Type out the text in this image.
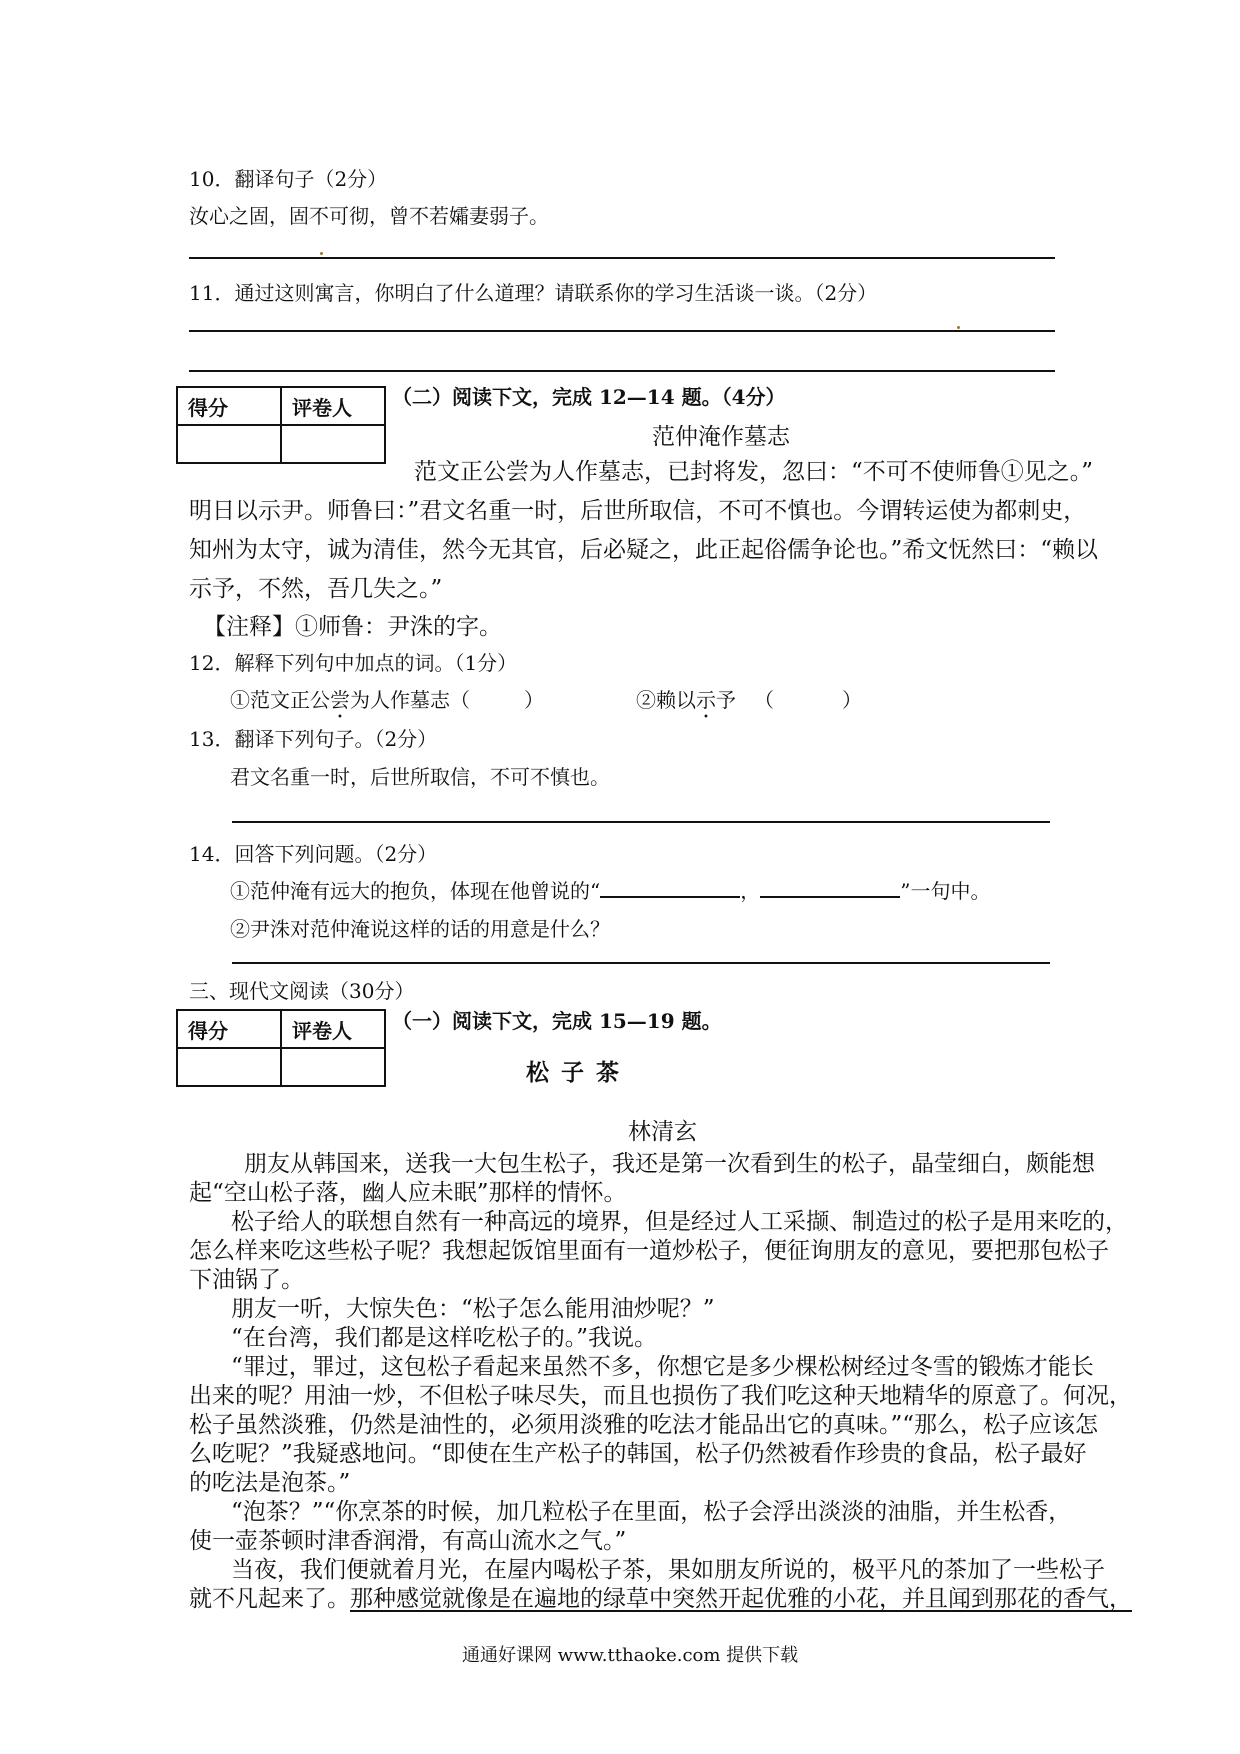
10．翻译句子（2分）
汝心之固，固不可彻，曾不若孀妻弱子。
11．通过这则寓言，你明白了什么道理？请联系你的学习生活谈一谈。（2分）
得分	评卷人
	（二）阅读下文，完成 12—14 题。（4分）
范仲淹作墓志
范文正公尝为人作墓志，已封将发，忽曰：“不可不使师鲁①见之。”
明日以示尹。师鲁曰：”君文名重一时，后世所取信，不可不慎也。今谓转运使为都刺史，
知州为太守，诚为清佳，然今无其官，后必疑之，此正起俗儒争论也。”希文怃然曰：“赖以
示予，不然，吾几失之。”
【注释】①师鲁：尹洙的字。
12．解释下列句中加点的词。（1分）
①范文正公尝为人作墓志（	）	②赖以示予 （	）
13．翻译下列句子。（2分）
君文名重一时，后世所取信，不可不慎也。
14．回答下列问题。（2分）
①范仲淹有远大的抱负，体现在他曾说的“	，	”一句中。
②尹洙对范仲淹说这样的话的用意是什么？
三、现代文阅读（30分）
得分	评卷人
	（一）阅读下文，完成 15—19 题。
松 子 茶
林清玄
朋友从韩国来，送我一大包生松子，我还是第一次看到生的松子，晶莹细白，颇能想
起“空山松子落，幽人应未眠”那样的情怀。
松子给人的联想自然有一种高远的境界，但是经过人工采撷、制造过的松子是用来吃的，
怎么样来吃这些松子呢？我想起饭馆里面有一道炒松子，便征询朋友的意见，要把那包松子
下油锅了。
朋友一听，大惊失色：“松子怎么能用油炒呢？”
“在台湾，我们都是这样吃松子的。”我说。
“罪过，罪过，这包松子看起来虽然不多，你想它是多少棵松树经过冬雪的锻炼才能长
出来的呢？用油一炒，不但松子味尽失，而且也损伤了我们吃这种天地精华的原意了。何况，
松子虽然淡雅，仍然是油性的，必须用淡雅的吃法才能品出它的真味。”“那么，松子应该怎
么吃呢？”我疑惑地问。“即使在生产松子的韩国，松子仍然被看作珍贵的食品，松子最好
的吃法是泡茶。”
“泡茶？”“你烹茶的时候，加几粒松子在里面，松子会浮出淡淡的油脂，并生松香，
使一壶茶顿时津香润滑，有高山流水之气。”
当夜，我们便就着月光，在屋内喝松子茶，果如朋友所说的，极平凡的茶加了一些松子
就不凡起来了。那种感觉就像是在遍地的绿草中突然开起优雅的小花，并且闻到那花的香气，
通通好课网 www.tthaoke.com 提供下载
